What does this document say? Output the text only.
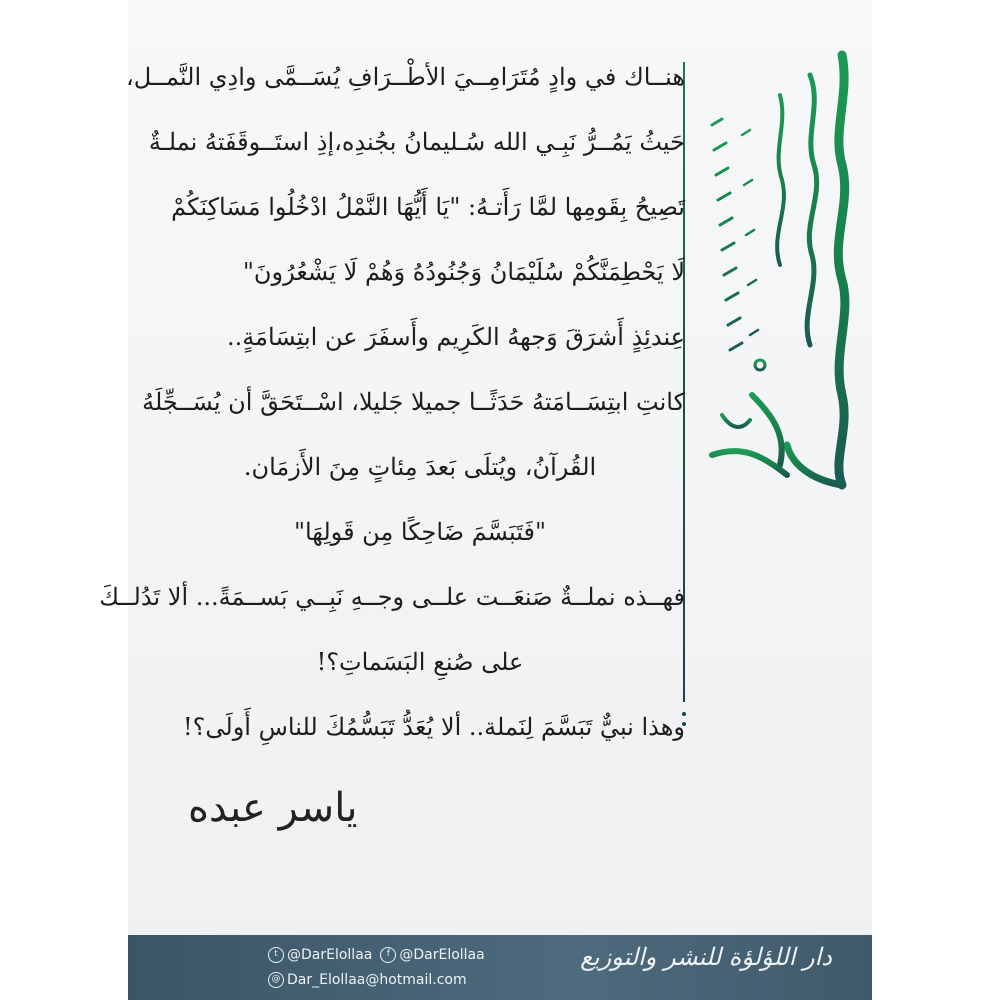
هنــاك في وادٍ مُتَرَامِــيَ الأطْــرَافِ يُسَــمَّى وادِي النَّمــل،

حَيثُ يَمُــرُّ نَبِـي الله سُـليمانُ بجُندِه،إذِ استَــوقَفَتهُ نملـةٌ

تَصِيحُ بِقَومِها لمَّا رَأَتـهُ: "يَا أَيُّهَا النَّمْلُ ادْخُلُوا مَسَاكِنَكُمْ

لَا يَحْطِمَنَّكُمْ سُلَيْمَانُ وَجُنُودُهُ وَهُمْ لَا يَشْعُرُونَ"

عِندئِذٍ أَشرَقَ وَجههُ الكَرِيم وأَسفَرَ عن ابتِسَامَةٍ..

كانتِ ابتِسَــامَتهُ حَدَثًــا جميلا جَليلا، اسْــتَحَقَّ أن يُسَــجِّلَهُ

القُرآنُ، ويُتلَى بَعدَ مِئاتٍ مِنَ الأَزمَان.

"فَتَبَسَّمَ ضَاحِكًا مِن قَولِهَا"

فهــذه نملــةٌ صَنعَــت علــى وجــهِ نَبِــي بَســمَةً... ألا تَدُلــكَ

على صُنعِ البَسَماتِ؟!

وهذا نبيٌّ تَبَسَّمَ لِنَملة.. ألا يُعَدُّ تَبَسُّمُكَ للناسِ أَولَى؟!

ياسر عبده
t @DarElollaa	f @DarElollaa
@ Dar_Elollaa@hotmail.com
دار اللؤلؤة للنشر والتوزيع
